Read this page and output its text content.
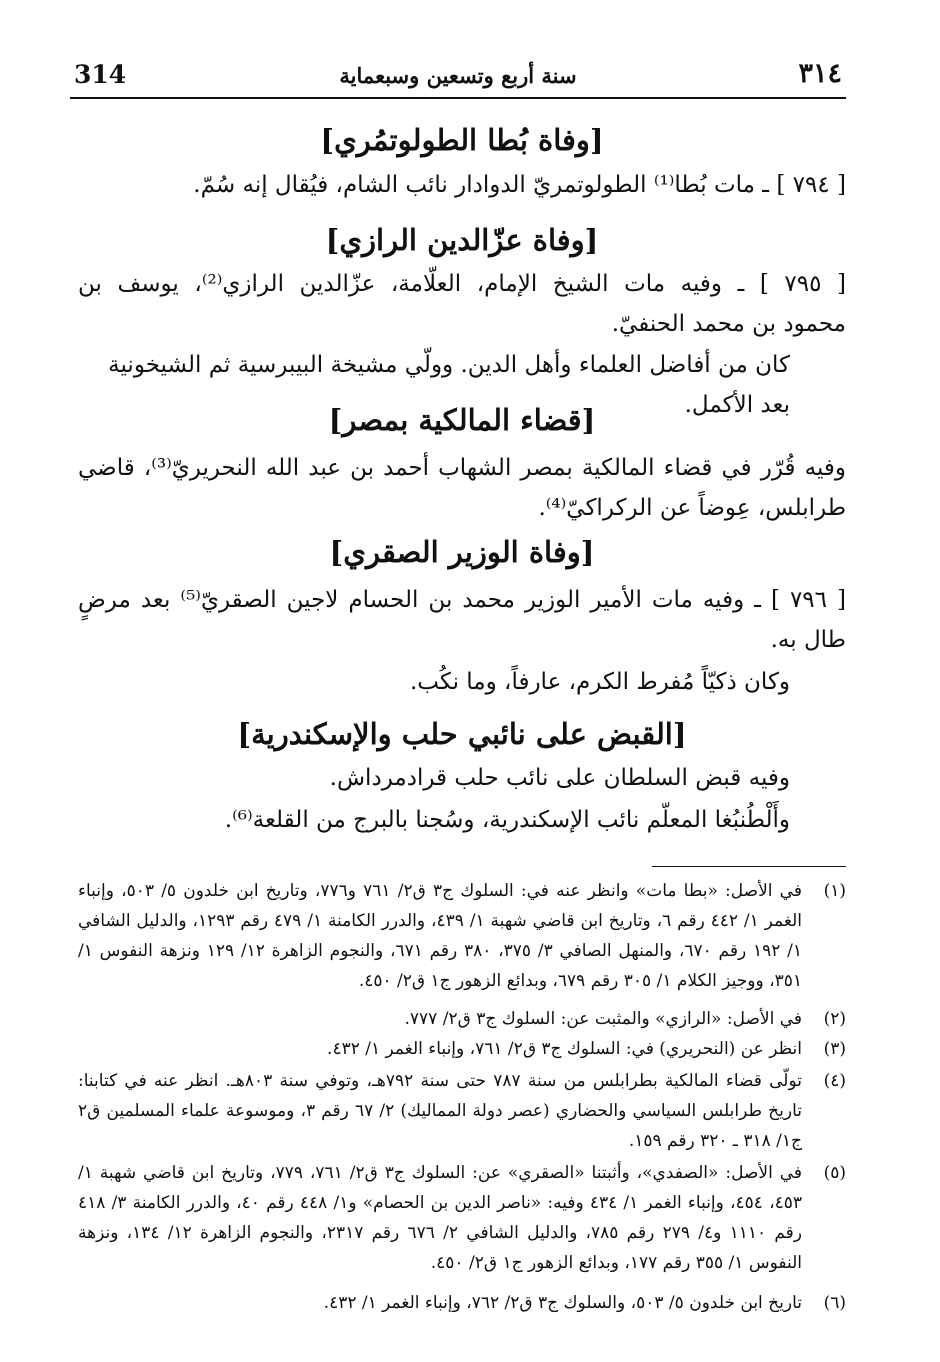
314	سنة أربع وتسعين وسبعماية	٣١٤
[وفاة بُطا الطولوتمُري]
[ ٧٩٤ ] ـ مات بُطا⁽¹⁾ الطولوتمريّ الدوادار نائب الشام، فيُقال إنه سُمّ.
[وفاة عزّالدين الرازي]
[ ٧٩٥ ] ـ وفيه مات الشيخ الإمام، العلّامة، عزّالدين الرازي⁽²⁾، يوسف بن
محمود بن محمد الحنفيّ.
كان من أفاضل العلماء وأهل الدين. وولّي مشيخة البيبرسية ثم الشيخونية بعد الأكمل.
[قضاء المالكية بمصر]
وفيه قُرّر في قضاء المالكية بمصر الشهاب أحمد بن عبد الله النحريريّ⁽³⁾، قاضي
طرابلس، عِوضاً عن الركراكيّ⁽⁴⁾.
[وفاة الوزير الصقري]
[ ٧٩٦ ] ـ وفيه مات الأمير الوزير محمد بن الحسام لاجين الصقريّ⁽⁵⁾ بعد مرضٍ
طال به.
وكان ذكيّاً مُفرط الكرم، عارفاً، وما نكُب.
[القبض على نائبي حلب والإسكندرية]
وفيه قبض السلطان على نائب حلب قرادمرداش.
وأَلْطُنبُغا المعلّم نائب الإسكندرية، وسُجنا بالبرج من القلعة⁽⁶⁾.
(١)
في الأصل: «بطا مات» وانظر عنه في: السلوك ج٣ ق٢/ ٧٦١ و٧٧٦، وتاريخ ابن خلدون ٥/ ٥٠٣، وإنباء الغمر ١/ ٤٤٢ رقم ٦، وتاريخ ابن قاضي شهبة ١/ ٤٣٩، والدرر الكامنة ١/ ٤٧٩ رقم ١٢٩٣، والدليل الشافي ١/ ١٩٢ رقم ٦٧٠، والمنهل الصافي ٣/ ٣٧٥، ٣٨٠ رقم ٦٧١، والنجوم الزاهرة ١٢/ ١٢٩ ونزهة النفوس ١/ ٣٥١، ووجيز الكلام ١/ ٣٠٥ رقم ٦٧٩، وبدائع الزهور ج١ ق٢/ ٤٥٠.
(٢)
في الأصل: «الرازي» والمثبت عن: السلوك ج٣ ق٢/ ٧٧٧.
(٣)
انظر عن (النحريري) في: السلوك ج٣ ق٢/ ٧٦١، وإنباء الغمر ١/ ٤٣٢.
(٤)
تولّى قضاء المالكية بطرابلس من سنة ٧٨٧ حتى سنة ٧٩٢هـ، وتوفي سنة ٨٠٣هـ. انظر عنه في كتابنا: تاريخ طرابلس السياسي والحضاري (عصر دولة المماليك) ٢/ ٦٧ رقم ٣، وموسوعة علماء المسلمين ق٢ ج١/ ٣١٨ ـ ٣٢٠ رقم ١٥٩.
(٥)
في الأصل: «الصفدي»، وأثبتنا «الصقري» عن: السلوك ج٣ ق٢/ ٧٦١، ٧٧٩، وتاريخ ابن قاضي شهبة ١/ ٤٥٣، ٤٥٤، وإنباء الغمر ١/ ٤٣٤ وفيه: «ناصر الدين بن الحصام» و١/ ٤٤٨ رقم ٤٠، والدرر الكامنة ٣/ ٤١٨ رقم ١١١٠ و٤/ ٢٧٩ رقم ٧٨٥، والدليل الشافي ٢/ ٦٧٦ رقم ٢٣١٧، والنجوم الزاهرة ١٢/ ١٣٤، ونزهة النفوس ١/ ٣٥٥ رقم ١٧٧، وبدائع الزهور ج١ ق٢/ ٤٥٠.
(٦)
تاريخ ابن خلدون ٥/ ٥٠٣، والسلوك ج٣ ق٢/ ٧٦٢، وإنباء الغمر ١/ ٤٣٢.
